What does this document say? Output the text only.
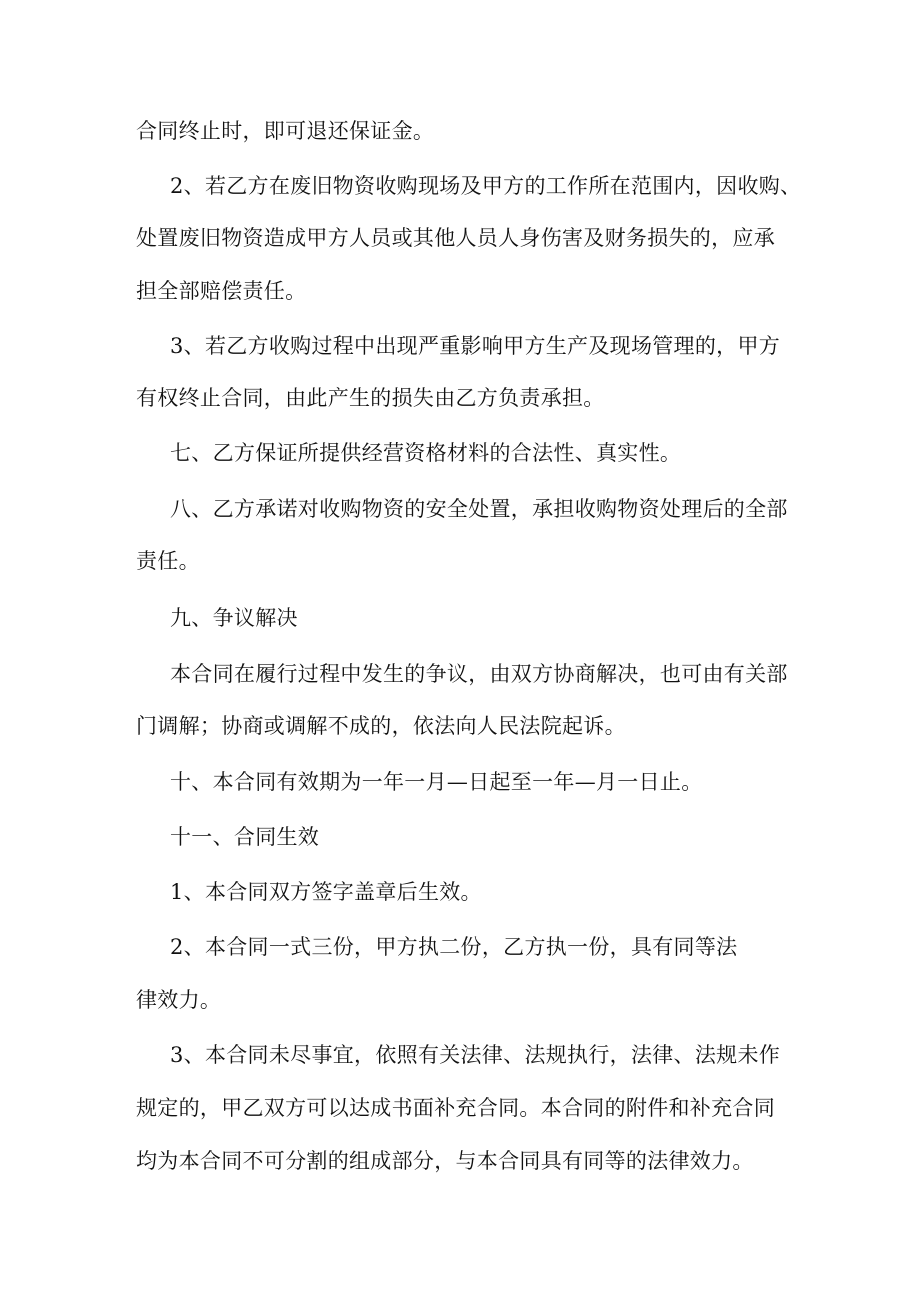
合同终止时，即可退还保证金。
2、若乙方在废旧物资收购现场及甲方的工作所在范围内，因收购、
处置废旧物资造成甲方人员或其他人员人身伤害及财务损失的，应承
担全部赔偿责任。
3、若乙方收购过程中出现严重影响甲方生产及现场管理的，甲方
有权终止合同，由此产生的损失由乙方负责承担。
七、乙方保证所提供经营资格材料的合法性、真实性。
八、乙方承诺对收购物资的安全处置，承担收购物资处理后的全部
责任。
九、争议解决
本合同在履行过程中发生的争议，由双方协商解决，也可由有关部
门调解；协商或调解不成的，依法向人民法院起诉。
十、本合同有效期为一年一月—日起至一年—月一日止。
十一、合同生效
1、本合同双方签字盖章后生效。
2、本合同一式三份，甲方执二份，乙方执一份，具有同等法
律效力。
3、本合同未尽事宜，依照有关法律、法规执行，法律、法规未作
规定的，甲乙双方可以达成书面补充合同。本合同的附件和补充合同
均为本合同不可分割的组成部分，与本合同具有同等的法律效力。
